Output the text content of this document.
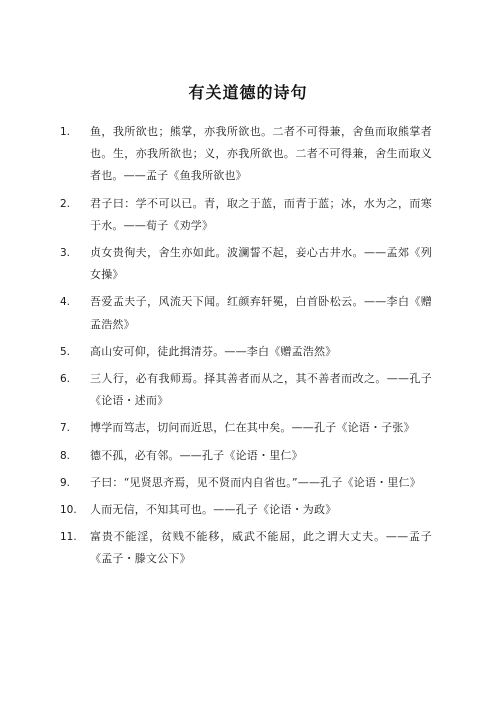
有关道德的诗句
1. 鱼，我所欲也；熊掌，亦我所欲也。二者不可得兼，舍鱼而取熊掌者也。生，亦我所欲也；义，亦我所欲也。二者不可得兼，舍生而取义者也。——孟子《鱼我所欲也》
2. 君子曰：学不可以已。青，取之于蓝，而青于蓝；冰，水为之，而寒于水。——荀子《劝学》
3. 贞女贵徇夫，舍生亦如此。波澜誓不起，妾心古井水。——孟郊《列女操》
4. 吾爱孟夫子，风流天下闻。红颜弃轩冕，白首卧松云。——李白《赠孟浩然》
5. 高山安可仰，徒此揖清芬。——李白《赠孟浩然》
6. 三人行，必有我师焉。择其善者而从之，其不善者而改之。——孔子《论语・述而》
7. 博学而笃志，切问而近思，仁在其中矣。——孔子《论语・子张》
8. 德不孤，必有邻。——孔子《论语・里仁》
9. 子曰：“见贤思齐焉，见不贤而内自省也。”——孔子《论语・里仁》
10. 人而无信，不知其可也。——孔子《论语・为政》
11. 富贵不能淫，贫贱不能移，威武不能屈，此之谓大丈夫。——孟子《孟子・滕文公下》
